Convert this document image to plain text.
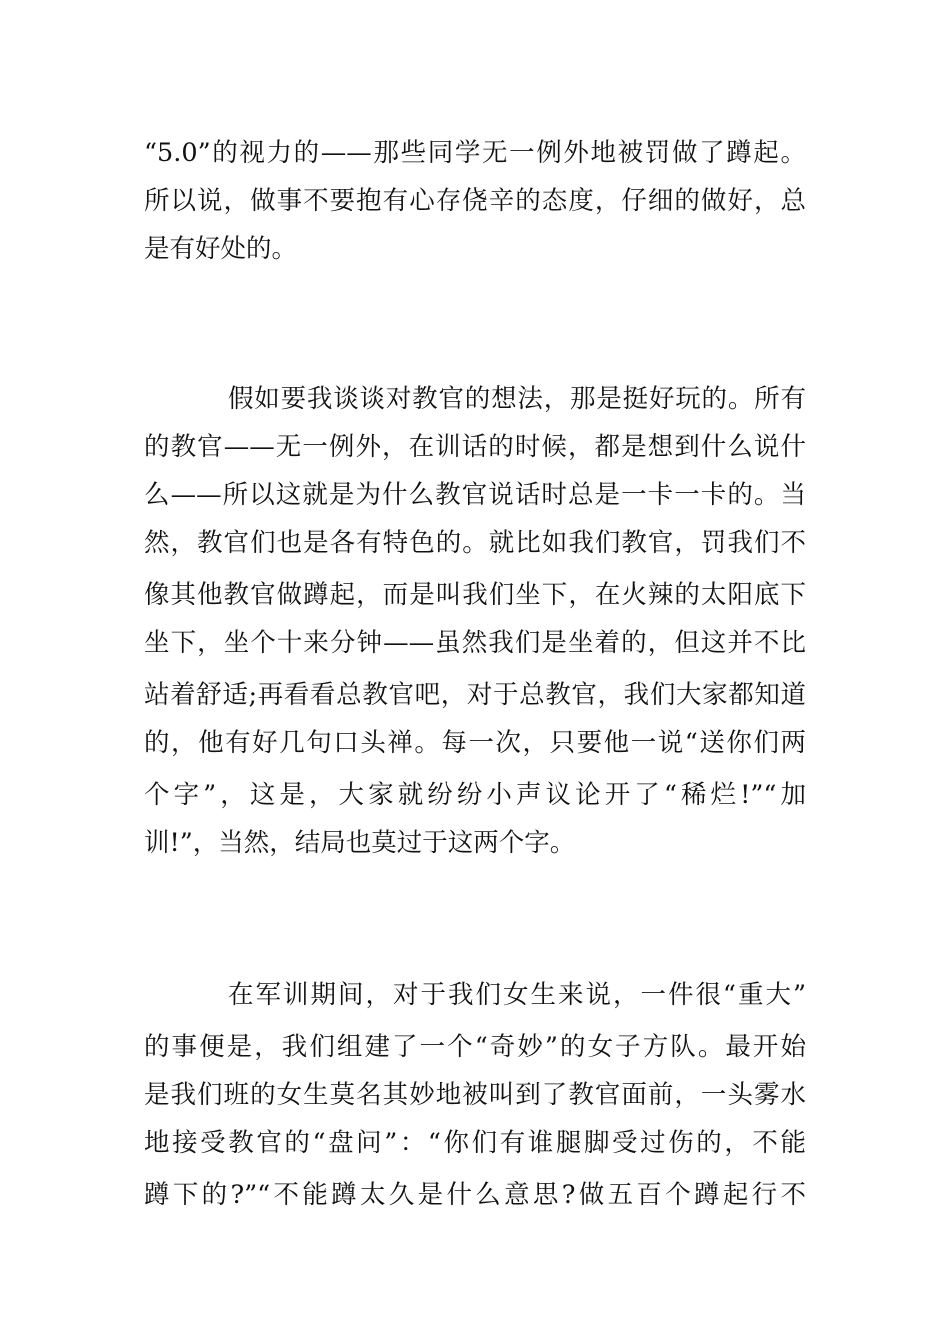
“5.0”的视力的——那些同学无一例外地被罚做了蹲起。
所以说，做事不要抱有心存侥辛的态度，仔细的做好，总
是有好处的。
假如要我谈谈对教官的想法，那是挺好玩的。所有
的教官——无一例外，在训话的时候，都是想到什么说什
么——所以这就是为什么教官说话时总是一卡一卡的。当
然，教官们也是各有特色的。就比如我们教官，罚我们不
像其他教官做蹲起，而是叫我们坐下，在火辣的太阳底下
坐下，坐个十来分钟——虽然我们是坐着的，但这并不比
站着舒适;再看看总教官吧，对于总教官，我们大家都知道
的，他有好几句口头禅。每一次，只要他一说“送你们两
个字”，这是，大家就纷纷小声议论开了“稀烂!”“加
训!”，当然，结局也莫过于这两个字。
在军训期间，对于我们女生来说，一件很“重大”
的事便是，我们组建了一个“奇妙”的女子方队。最开始
是我们班的女生莫名其妙地被叫到了教官面前，一头雾水
地接受教官的“盘问”：“你们有谁腿脚受过伤的，不能
蹲下的?”“不能蹲太久是什么意思?做五百个蹲起行不
